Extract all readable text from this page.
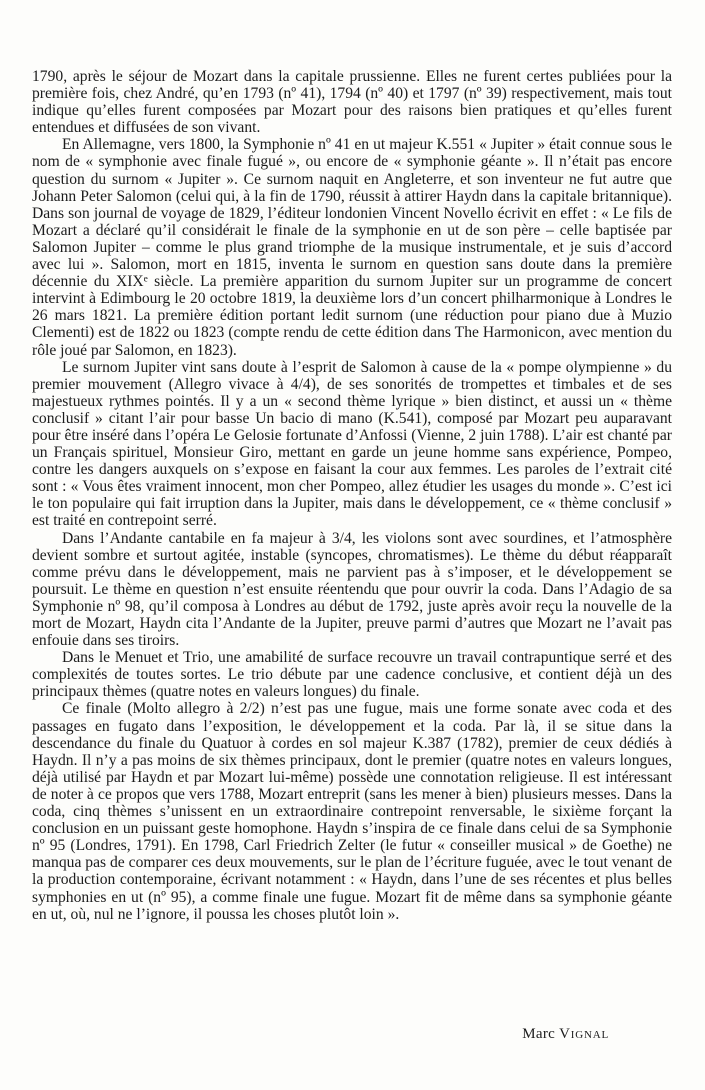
1790, après le séjour de Mozart dans la capitale prussienne. Elles ne furent certes publiées pour la première fois, chez André, qu’en 1793 (nº 41), 1794 (nº 40) et 1797 (nº 39) respectivement, mais tout indique qu’elles furent composées par Mozart pour des raisons bien pratiques et qu’elles furent entendues et diffusées de son vivant.

En Allemagne, vers 1800, la Symphonie nº 41 en ut majeur K.551 « Jupiter » était connue sous le nom de « symphonie avec finale fugué », ou encore de « symphonie géante ». Il n’était pas encore question du surnom « Jupiter ». Ce surnom naquit en Angleterre, et son inventeur ne fut autre que Johann Peter Salomon (celui qui, à la fin de 1790, réussit à attirer Haydn dans la capitale britannique). Dans son journal de voyage de 1829, l’éditeur londonien Vincent Novello écrivit en effet : « Le fils de Mozart a déclaré qu’il considérait le finale de la symphonie en ut de son père – celle baptisée par Salomon Jupiter – comme le plus grand triomphe de la musique instrumentale, et je suis d’accord avec lui ». Salomon, mort en 1815, inventa le surnom en question sans doute dans la première décennie du XIXᵉ siècle. La première apparition du surnom Jupiter sur un programme de concert intervint à Edimbourg le 20 octobre 1819, la deuxième lors d’un concert philharmonique à Londres le 26 mars 1821. La première édition portant ledit surnom (une réduction pour piano due à Muzio Clementi) est de 1822 ou 1823 (compte rendu de cette édition dans The Harmonicon, avec mention du rôle joué par Salomon, en 1823).

Le surnom Jupiter vint sans doute à l’esprit de Salomon à cause de la « pompe olympienne » du premier mouvement (Allegro vivace à 4/4), de ses sonorités de trompettes et timbales et de ses majestueux rythmes pointés. Il y a un « second thème lyrique » bien distinct, et aussi un « thème conclusif » citant l’air pour basse Un bacio di mano (K.541), composé par Mozart peu auparavant pour être inséré dans l’opéra Le Gelosie fortunate d’Anfossi (Vienne, 2 juin 1788). L’air est chanté par un Français spirituel, Monsieur Giro, mettant en garde un jeune homme sans expérience, Pompeo, contre les dangers auxquels on s’expose en faisant la cour aux femmes. Les paroles de l’extrait cité sont : « Vous êtes vraiment innocent, mon cher Pompeo, allez étudier les usages du monde ». C’est ici le ton populaire qui fait irruption dans la Jupiter, mais dans le développement, ce « thème conclusif » est traité en contrepoint serré.

Dans l’Andante cantabile en fa majeur à 3/4, les violons sont avec sourdines, et l’atmosphère devient sombre et surtout agitée, instable (syncopes, chromatismes). Le thème du début réapparaît comme prévu dans le développement, mais ne parvient pas à s’imposer, et le développement se poursuit. Le thème en question n’est ensuite réentendu que pour ouvrir la coda. Dans l’Adagio de sa Symphonie nº 98, qu’il composa à Londres au début de 1792, juste après avoir reçu la nouvelle de la mort de Mozart, Haydn cita l’Andante de la Jupiter, preuve parmi d’autres que Mozart ne l’avait pas enfouie dans ses tiroirs.

Dans le Menuet et Trio, une amabilité de surface recouvre un travail contrapuntique serré et des complexités de toutes sortes. Le trio débute par une cadence conclusive, et contient déjà un des principaux thèmes (quatre notes en valeurs longues) du finale.

Ce finale (Molto allegro à 2/2) n’est pas une fugue, mais une forme sonate avec coda et des passages en fugato dans l’exposition, le développement et la coda. Par là, il se situe dans la descendance du finale du Quatuor à cordes en sol majeur K.387 (1782), premier de ceux dédiés à Haydn. Il n’y a pas moins de six thèmes principaux, dont le premier (quatre notes en valeurs longues, déjà utilisé par Haydn et par Mozart lui-même) possède une connotation religieuse. Il est intéressant de noter à ce propos que vers 1788, Mozart entreprit (sans les mener à bien) plusieurs messes. Dans la coda, cinq thèmes s’unissent en un extraordinaire contrepoint renversable, le sixième forçant la conclusion en un puissant geste homophone. Haydn s’inspira de ce finale dans celui de sa Symphonie nº 95 (Londres, 1791). En 1798, Carl Friedrich Zelter (le futur « conseiller musical » de Goethe) ne manqua pas de comparer ces deux mouvements, sur le plan de l’écriture fuguée, avec le tout venant de la production contemporaine, écrivant notamment : « Haydn, dans l’une de ses récentes et plus belles symphonies en ut (nº 95), a comme finale une fugue. Mozart fit de même dans sa symphonie géante en ut, où, nul ne l’ignore, il poussa les choses plutôt loin ».

Marc Vignal
